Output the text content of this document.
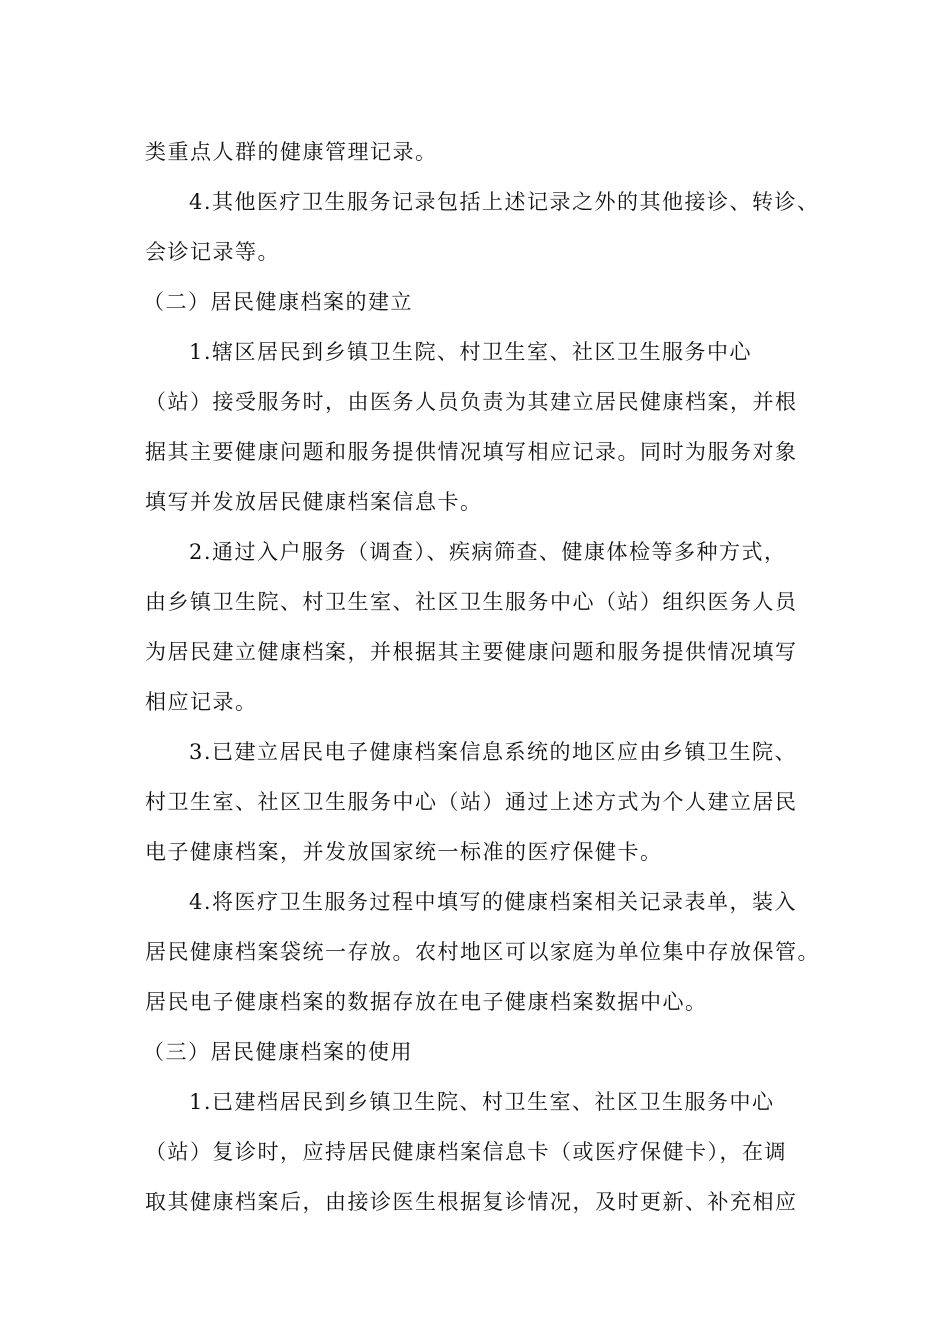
类重点人群的健康管理记录。
4.其他医疗卫生服务记录包括上述记录之外的其他接诊、转诊、
会诊记录等。
（二）居民健康档案的建立
1.辖区居民到乡镇卫生院、村卫生室、社区卫生服务中心
（站）接受服务时，由医务人员负责为其建立居民健康档案，并根
据其主要健康问题和服务提供情况填写相应记录。同时为服务对象
填写并发放居民健康档案信息卡。
2.通过入户服务（调查）、疾病筛查、健康体检等多种方式，
由乡镇卫生院、村卫生室、社区卫生服务中心（站）组织医务人员
为居民建立健康档案，并根据其主要健康问题和服务提供情况填写
相应记录。
3.已建立居民电子健康档案信息系统的地区应由乡镇卫生院、
村卫生室、社区卫生服务中心（站）通过上述方式为个人建立居民
电子健康档案，并发放国家统一标准的医疗保健卡。
4.将医疗卫生服务过程中填写的健康档案相关记录表单，装入
居民健康档案袋统一存放。农村地区可以家庭为单位集中存放保管。
居民电子健康档案的数据存放在电子健康档案数据中心。
（三）居民健康档案的使用
1.已建档居民到乡镇卫生院、村卫生室、社区卫生服务中心
（站）复诊时，应持居民健康档案信息卡（或医疗保健卡），在调
取其健康档案后，由接诊医生根据复诊情况，及时更新、补充相应
